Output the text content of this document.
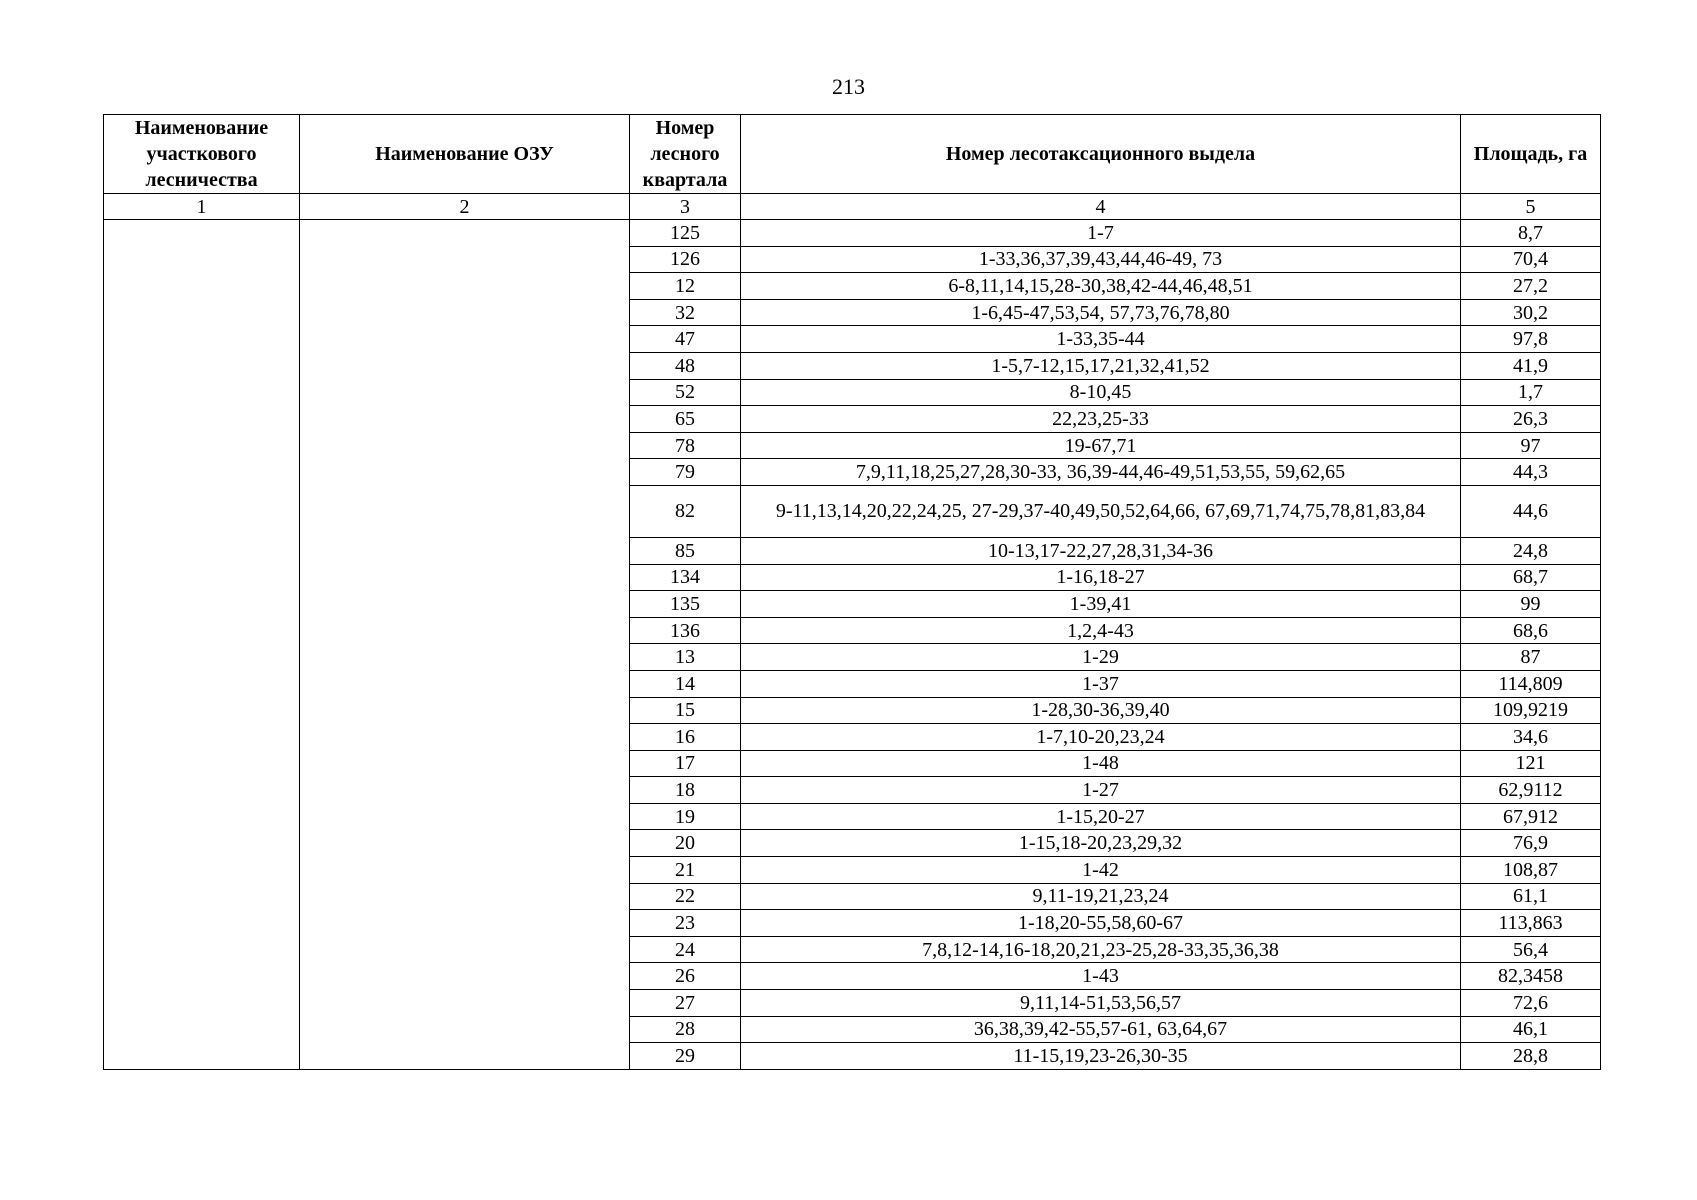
213
Наименование участкового лесничества	Наименование ОЗУ	Номер лесного квартала	Номер лесотаксационного выдела	Площадь, га
1	2	3	4	5
		125	1-7	8,7
		126	1-33,36,37,39,43,44,46-49, 73	70,4
		12	6-8,11,14,15,28-30,38,42-44,46,48,51	27,2
		32	1-6,45-47,53,54, 57,73,76,78,80	30,2
		47	1-33,35-44	97,8
		48	1-5,7-12,15,17,21,32,41,52	41,9
		52	8-10,45	1,7
		65	22,23,25-33	26,3
		78	19-67,71	97
		79	7,9,11,18,25,27,28,30-33, 36,39-44,46-49,51,53,55, 59,62,65	44,3
		82	9-11,13,14,20,22,24,25, 27-29,37-40,49,50,52,64,66, 67,69,71,74,75,78,81,83,84	44,6
		85	10-13,17-22,27,28,31,34-36	24,8
		134	1-16,18-27	68,7
		135	1-39,41	99
		136	1,2,4-43	68,6
		13	1-29	87
		14	1-37	114,809
		15	1-28,30-36,39,40	109,9219
		16	1-7,10-20,23,24	34,6
		17	1-48	121
		18	1-27	62,9112
		19	1-15,20-27	67,912
		20	1-15,18-20,23,29,32	76,9
		21	1-42	108,87
		22	9,11-19,21,23,24	61,1
		23	1-18,20-55,58,60-67	113,863
		24	7,8,12-14,16-18,20,21,23-25,28-33,35,36,38	56,4
		26	1-43	82,3458
		27	9,11,14-51,53,56,57	72,6
		28	36,38,39,42-55,57-61, 63,64,67	46,1
		29	11-15,19,23-26,30-35	28,8
